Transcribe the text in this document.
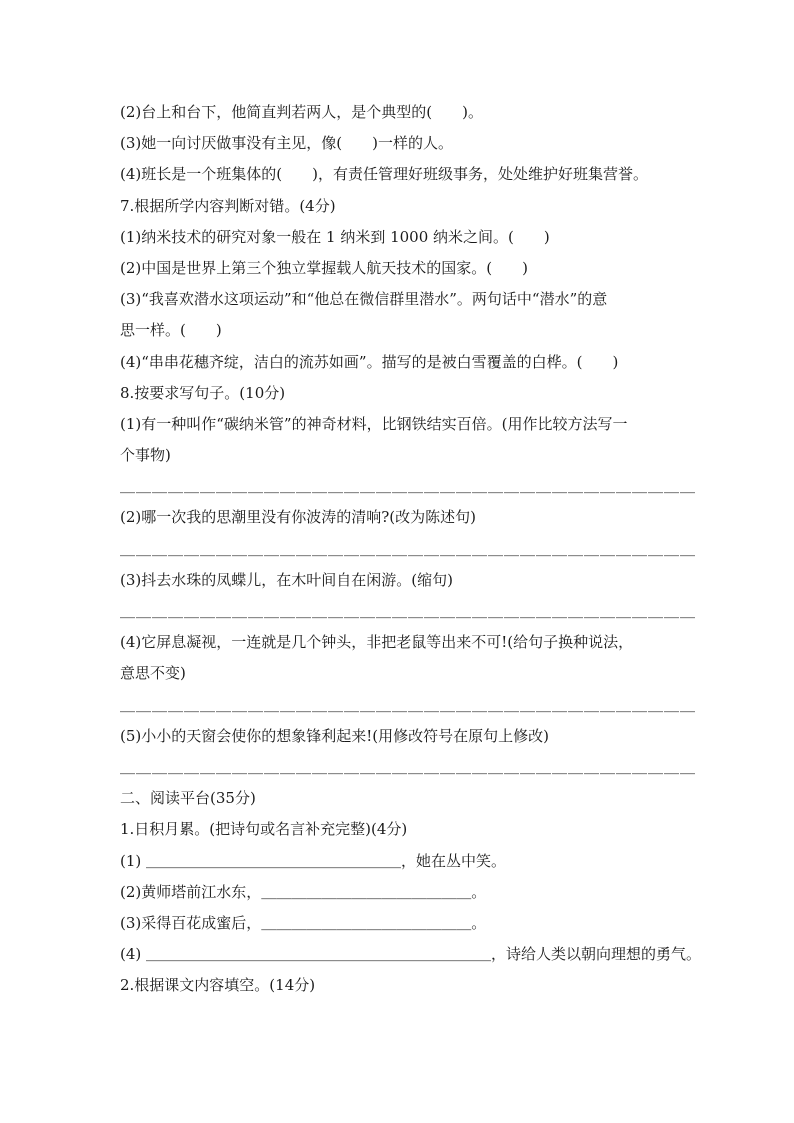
(2)台上和台下，他简直判若两人，是个典型的(　　)。
(3)她一向讨厌做事没有主见，像(　　)一样的人。
(4)班长是一个班集体的(　　)，有责任管理好班级事务，处处维护好班集营誉。
7.根据所学内容判断对错。(4分)
(1)纳米技术的研究对象一般在 1 纳米到 1000 纳米之间。(　　)
(2)中国是世界上第三个独立掌握载人航天技术的国家。(　　)
(3)“我喜欢潜水这项运动”和“他总在微信群里潜水”。两句话中“潜水”的意
思一样。(　　)
(4)“串串花穗齐绽，洁白的流苏如画”。描写的是被白雪覆盖的白桦。(　　)
8.按要求写句子。(10分)
(1)有一种叫作“碳纳米管”的神奇材料，比钢铁结实百倍。(用作比较方法写一
个事物)
＿＿＿＿＿＿＿＿＿＿＿＿＿＿＿＿＿＿＿＿＿＿＿＿＿＿＿＿＿＿＿＿＿＿＿＿
(2)哪一次我的思潮里没有你波涛的清响?(改为陈述句)
＿＿＿＿＿＿＿＿＿＿＿＿＿＿＿＿＿＿＿＿＿＿＿＿＿＿＿＿＿＿＿＿＿＿＿＿
(3)抖去水珠的凤蝶儿，在木叶间自在闲游。(缩句)
＿＿＿＿＿＿＿＿＿＿＿＿＿＿＿＿＿＿＿＿＿＿＿＿＿＿＿＿＿＿＿＿＿＿＿＿
(4)它屏息凝视，一连就是几个钟头，非把老鼠等出来不可!(给句子换种说法，
意思不变)
＿＿＿＿＿＿＿＿＿＿＿＿＿＿＿＿＿＿＿＿＿＿＿＿＿＿＿＿＿＿＿＿＿＿＿＿
(5)小小的天窗会使你的想象锋利起来!(用修改符号在原句上修改)
＿＿＿＿＿＿＿＿＿＿＿＿＿＿＿＿＿＿＿＿＿＿＿＿＿＿＿＿＿＿＿＿＿＿＿＿
二、阅读平台(35分)
1.日积月累。(把诗句或名言补充完整)(4分)
(1) ＿＿＿＿＿＿＿＿＿＿＿＿＿＿＿＿＿，她在丛中笑。
(2)黄师塔前江水东，＿＿＿＿＿＿＿＿＿＿＿＿＿＿。
(3)采得百花成蜜后，＿＿＿＿＿＿＿＿＿＿＿＿＿＿。
(4) ＿＿＿＿＿＿＿＿＿＿＿＿＿＿＿＿＿＿＿＿＿＿＿，诗给人类以朝向理想的勇气。
2.根据课文内容填空。(14分)
